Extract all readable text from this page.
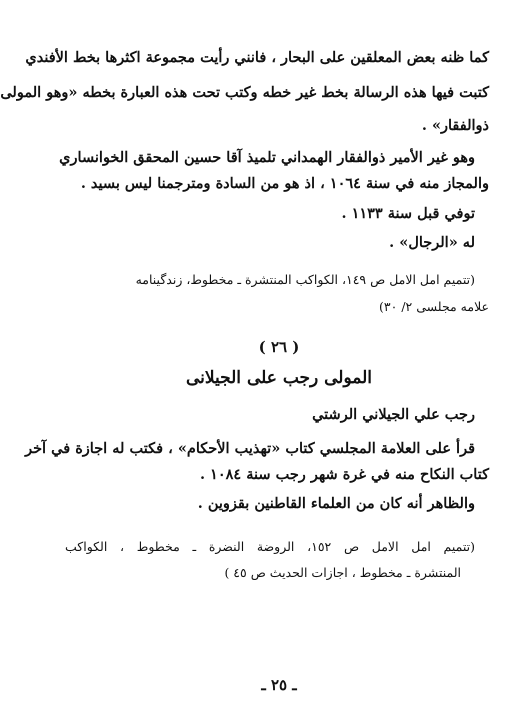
كما ظنه بعض المعلقين على البحار ، فانني رأيت مجموعة اكثرها بخط الأفندي
كتبت فيها هذه الرسالة بخط غير خطه وكتب تحت هذه العبارة بخطه «وهو المولى
ذوالفقار» .
وهو غير الأمير ذوالفقار الهمداني تلميذ آقا حسين المحقق الخوانساري
والمجاز منه في سنة ١٠٦٤ ، اذ هو من السادة ومترجمنا ليس بسيد .
توفي قبل سنة ١١٣٣ .
له «الرجال» .
(تتميم امل الامل ص ١٤٩، الكواكب المنتشرة ـ مخطوط، زندگينامه
علامه مجلسی ۲/ ۳۰)
( ٢٦ )
المولى رجب على الجيلانى
رجب علي الجيلاني الرشتي
قرأ على العلامة المجلسي كتاب «تهذيب الأحكام» ، فكتب له اجازة في آخر
كتاب النكاح منه في غرة شهر رجب سنة ١٠٨٤ .
والظاهر أنه كان من العلماء القاطنين بقزوين .
(تتميم امل الامل ص ١٥٢، الروضة النضرة ـ مخطوط ، الكواكب
المنتشرة ـ مخطوط ، اجازات الحديث ص ٤٥ )
ـ ٢٥ ـ
